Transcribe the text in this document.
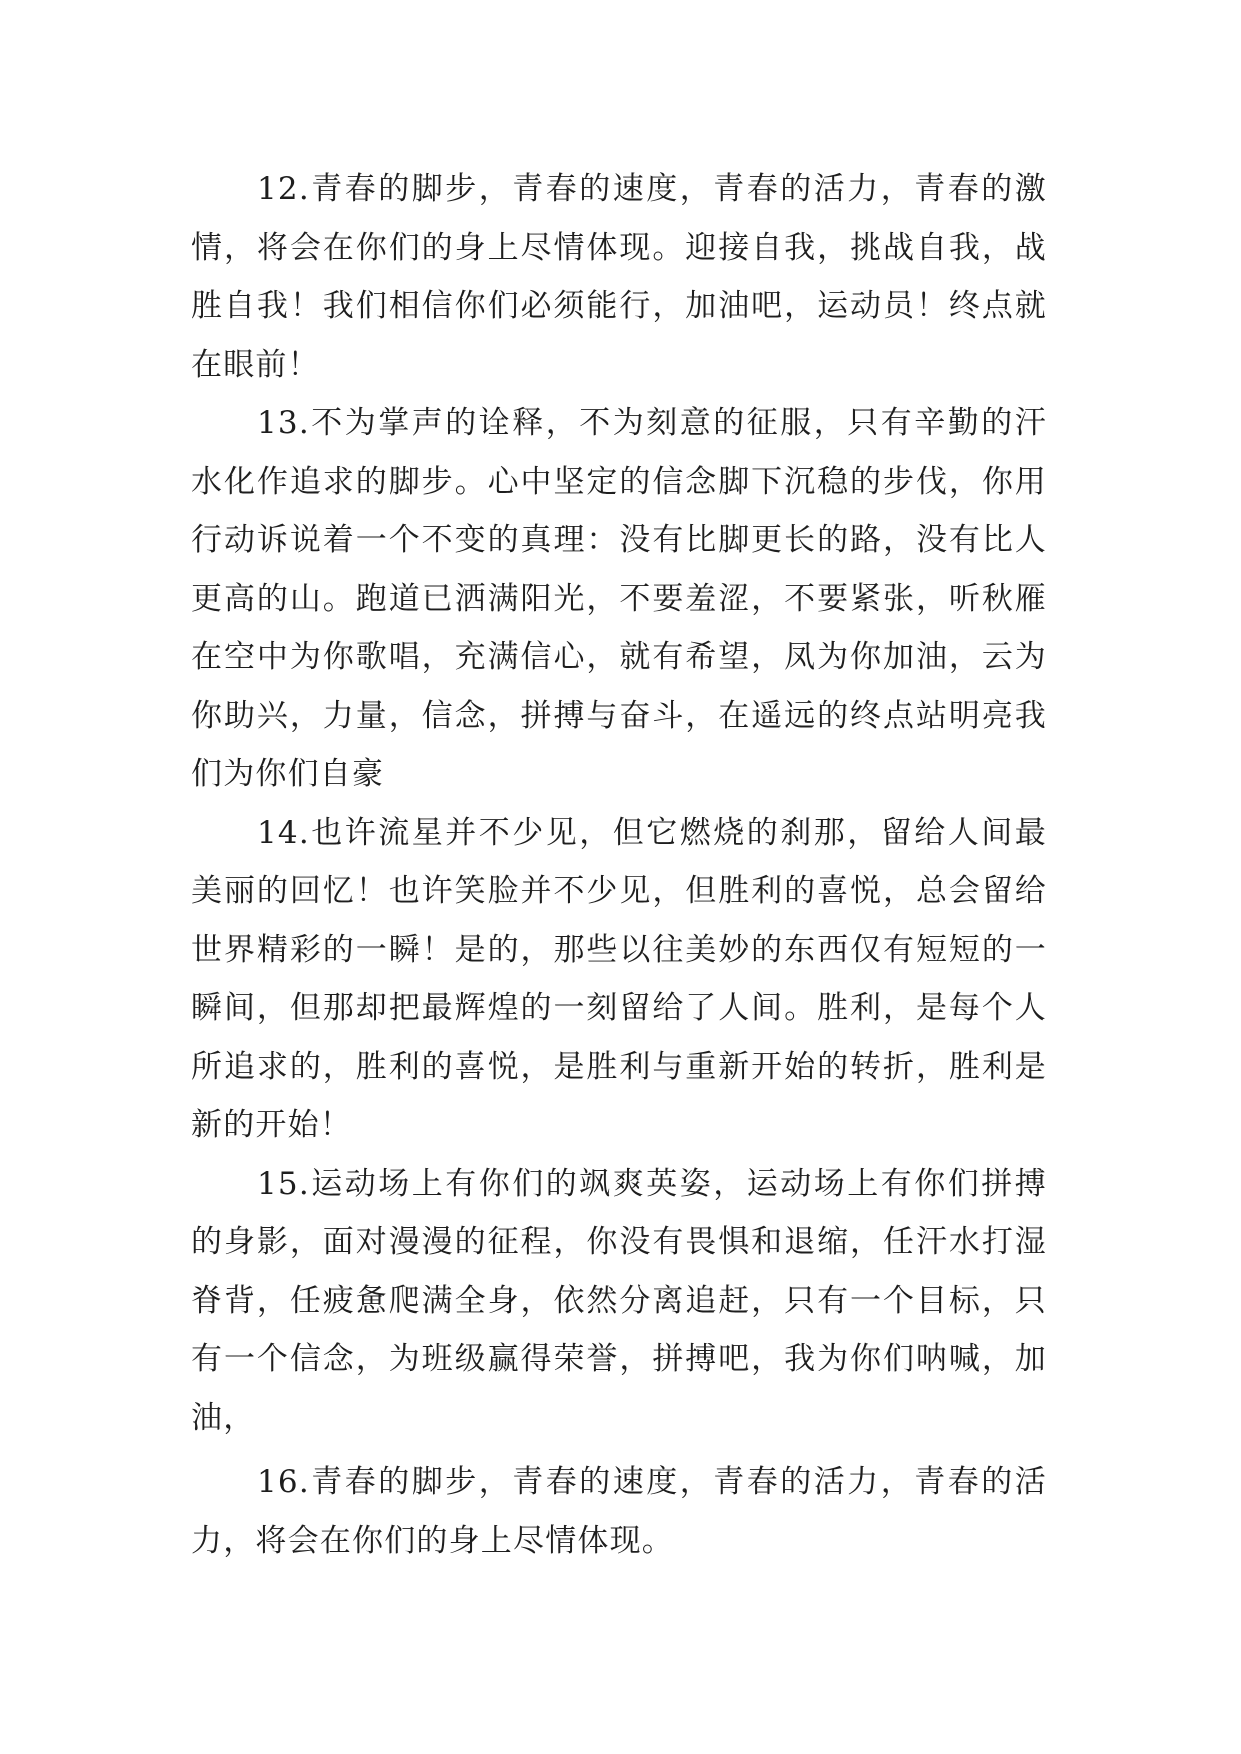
12.青春的脚步，青春的速度，青春的活力，青春的激情，将会在你们的身上尽情体现。迎接自我，挑战自我，战胜自我！我们相信你们必须能行，加油吧，运动员！终点就在眼前！

13.不为掌声的诠释，不为刻意的征服，只有辛勤的汗水化作追求的脚步。心中坚定的信念脚下沉稳的步伐，你用行动诉说着一个不变的真理：没有比脚更长的路，没有比人更高的山。跑道已洒满阳光，不要羞涩，不要紧张，听秋雁在空中为你歌唱，充满信心，就有希望，凤为你加油，云为你助兴，力量，信念，拼搏与奋斗，在遥远的终点站明亮我们为你们自豪

14.也许流星并不少见，但它燃烧的刹那，留给人间最美丽的回忆！也许笑脸并不少见，但胜利的喜悦，总会留给世界精彩的一瞬！是的，那些以往美妙的东西仅有短短的一瞬间，但那却把最辉煌的一刻留给了人间。胜利，是每个人所追求的，胜利的喜悦，是胜利与重新开始的转折，胜利是新的开始！

15.运动场上有你们的飒爽英姿，运动场上有你们拼搏的身影，面对漫漫的征程，你没有畏惧和退缩，任汗水打湿脊背，任疲惫爬满全身，依然分离追赶，只有一个目标，只有一个信念，为班级赢得荣誉，拼搏吧，我为你们呐喊，加油，

16.青春的脚步，青春的速度，青春的活力，青春的活力，将会在你们的身上尽情体现。
